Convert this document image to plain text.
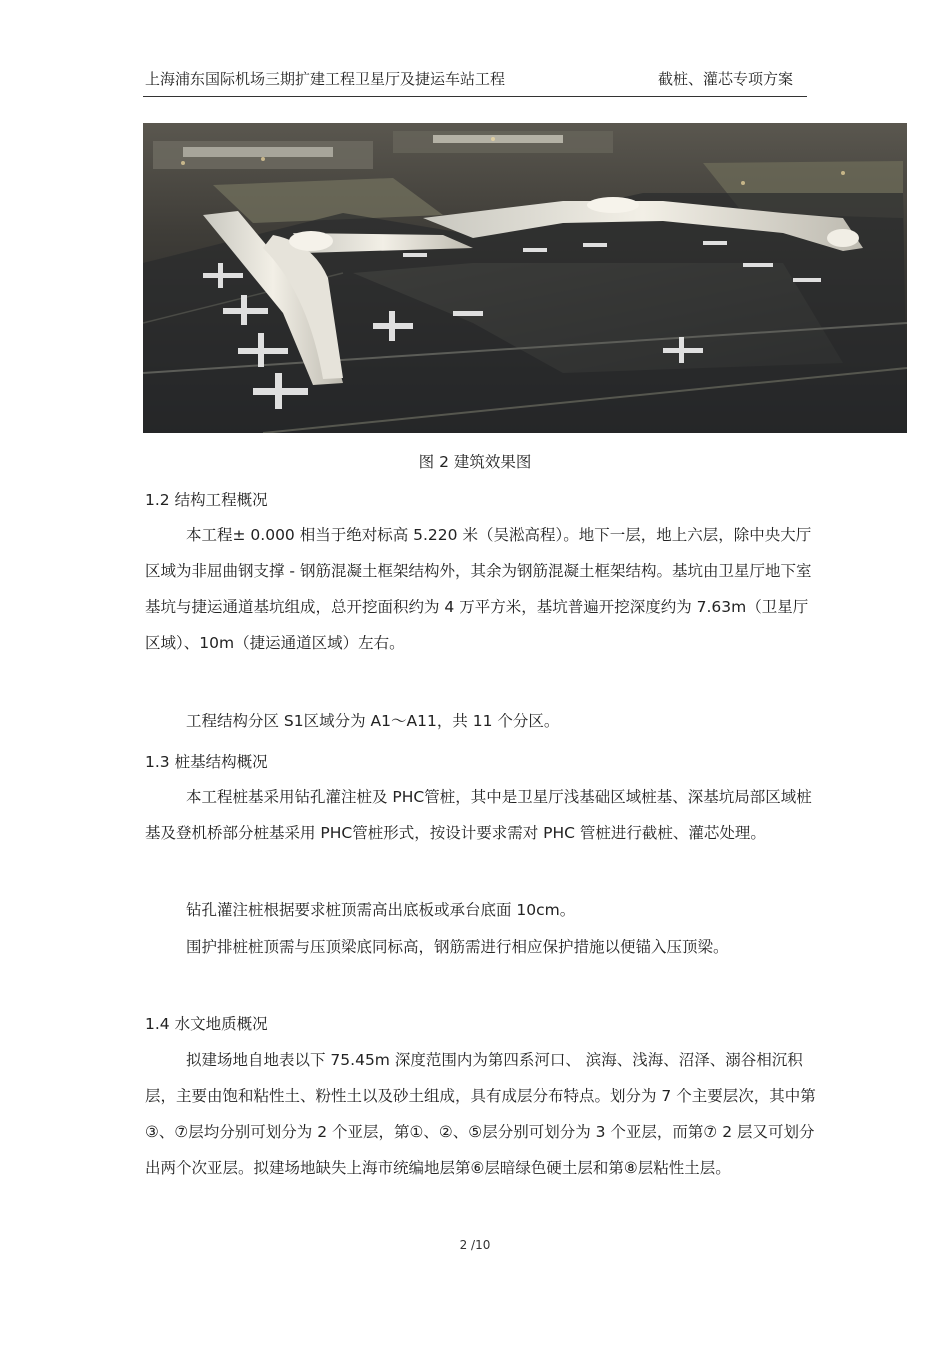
上海浦东国际机场三期扩建工程卫星厅及捷运车站工程	截桩、灌芯专项方案
图 2 建筑效果图
1.2 结构工程概况
本工程± 0.000 相当于绝对标高 5.220 米（吴淞高程）。地下一层，地上六层，除中央大厅区域为非屈曲钢支撑 - 钢筋混凝土框架结构外，其余为钢筋混凝土框架结构。基坑由卫星厅地下室基坑与捷运通道基坑组成，总开挖面积约为 4 万平方米，基坑普遍开挖深度约为 7.63m（卫星厅区域）、10m（捷运通道区域）左右。
工程结构分区 S1区域分为 A1～A11，共 11 个分区。
1.3 桩基结构概况
本工程桩基采用钻孔灌注桩及 PHC管桩，其中是卫星厅浅基础区域桩基、深基坑局部区域桩基及登机桥部分桩基采用 PHC管桩形式，按设计要求需对 PHC 管桩进行截桩、灌芯处理。
钻孔灌注桩根据要求桩顶需高出底板或承台底面 10cm。
围护排桩桩顶需与压顶梁底同标高，钢筋需进行相应保护措施以便锚入压顶梁。
1.4 水文地质概况
拟建场地自地表以下 75.45m 深度范围内为第四系河口、 滨海、浅海、沼泽、溺谷相沉积层，主要由饱和粘性土、粉性土以及砂土组成，具有成层分布特点。划分为 7 个主要层次，其中第③、⑦层均分别可划分为 2 个亚层，第①、②、⑤层分别可划分为 3 个亚层，而第⑦ 2 层又可划分出两个次亚层。拟建场地缺失上海市统编地层第⑥层暗绿色硬土层和第⑧层粘性土层。
2 /10
